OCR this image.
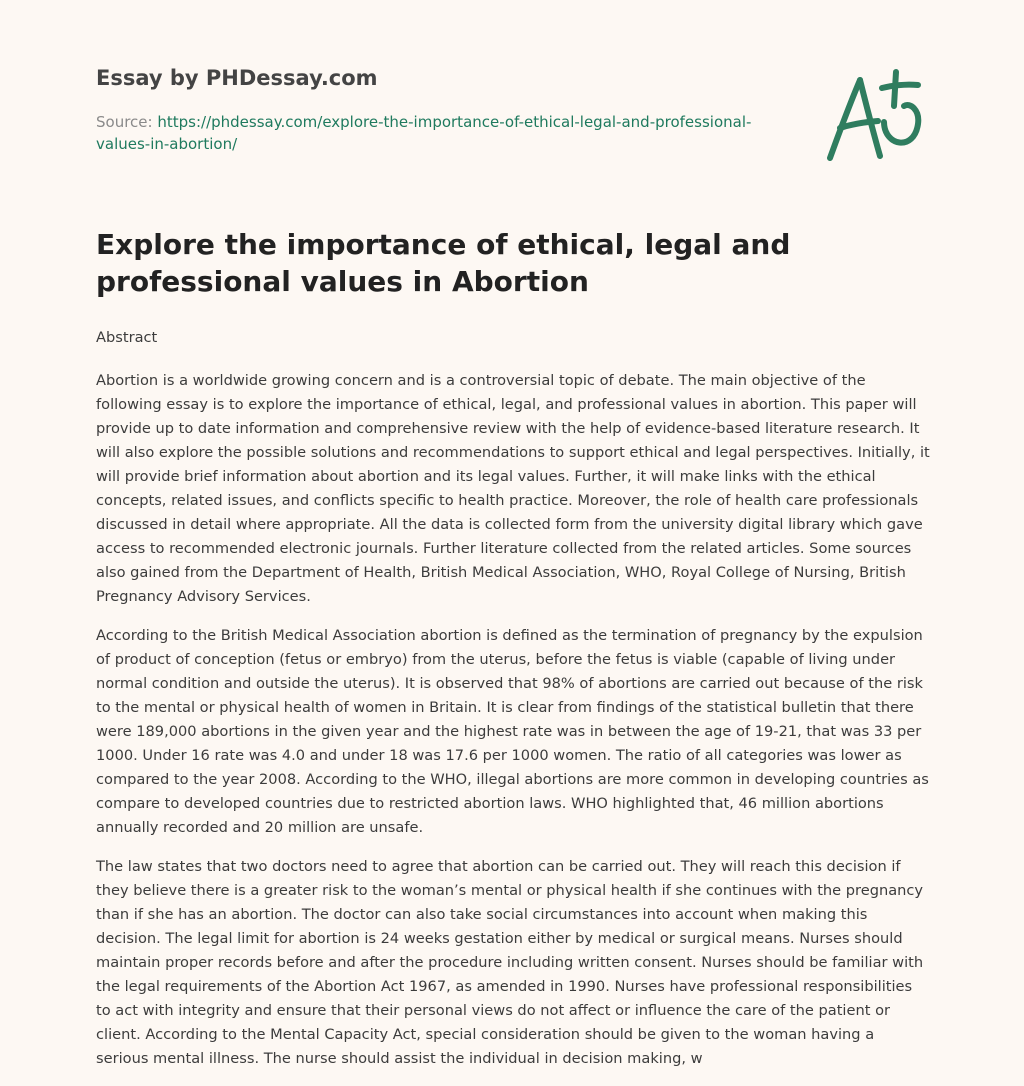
Essay by PHDessay.com
Source: https://phdessay.com/explore-the-importance-of-ethical-legal-and-professional-values-in-abortion/
Explore the importance of ethical, legal and professional values in Abortion

Abstract

Abortion is a worldwide growing concern and is a controversial topic of debate. The main objective of the following essay is to explore the importance of ethical, legal, and professional values in abortion. This paper will provide up to date information and comprehensive review with the help of evidence-based literature research. It will also explore the possible solutions and recommendations to support ethical and legal perspectives. Initially, it will provide brief information about abortion and its legal values. Further, it will make links with the ethical concepts, related issues, and conflicts specific to health practice. Moreover, the role of health care professionals discussed in detail where appropriate. All the data is collected form from the university digital library which gave access to recommended electronic journals. Further literature collected from the related articles. Some sources also gained from the Department of Health, British Medical Association, WHO, Royal College of Nursing, British Pregnancy Advisory Services.

According to the British Medical Association abortion is defined as the termination of pregnancy by the expulsion of product of conception (fetus or embryo) from the uterus, before the fetus is viable (capable of living under normal condition and outside the uterus). It is observed that 98% of abortions are carried out because of the risk to the mental or physical health of women in Britain. It is clear from findings of the statistical bulletin that there were 189,000 abortions in the given year and the highest rate was in between the age of 19-21, that was 33 per 1000. Under 16 rate was 4.0 and under 18 was 17.6 per 1000 women. The ratio of all categories was lower as compared to the year 2008. According to the WHO, illegal abortions are more common in developing countries as compare to developed countries due to restricted abortion laws. WHO highlighted that, 46 million abortions annually recorded and 20 million are unsafe.

The law states that two doctors need to agree that abortion can be carried out. They will reach this decision if they believe there is a greater risk to the woman’s mental or physical health if she continues with the pregnancy than if she has an abortion. The doctor can also take social circumstances into account when making this decision. The legal limit for abortion is 24 weeks gestation either by medical or surgical means. Nurses should maintain proper records before and after the procedure including written consent. Nurses should be familiar with the legal requirements of the Abortion Act 1967, as amended in 1990. Nurses have professional responsibilities to act with integrity and ensure that their personal views do not affect or influence the care of the patient or client. According to the Mental Capacity Act, special consideration should be given to the woman having a serious mental illness. The nurse should assist the individual in decision making, w
